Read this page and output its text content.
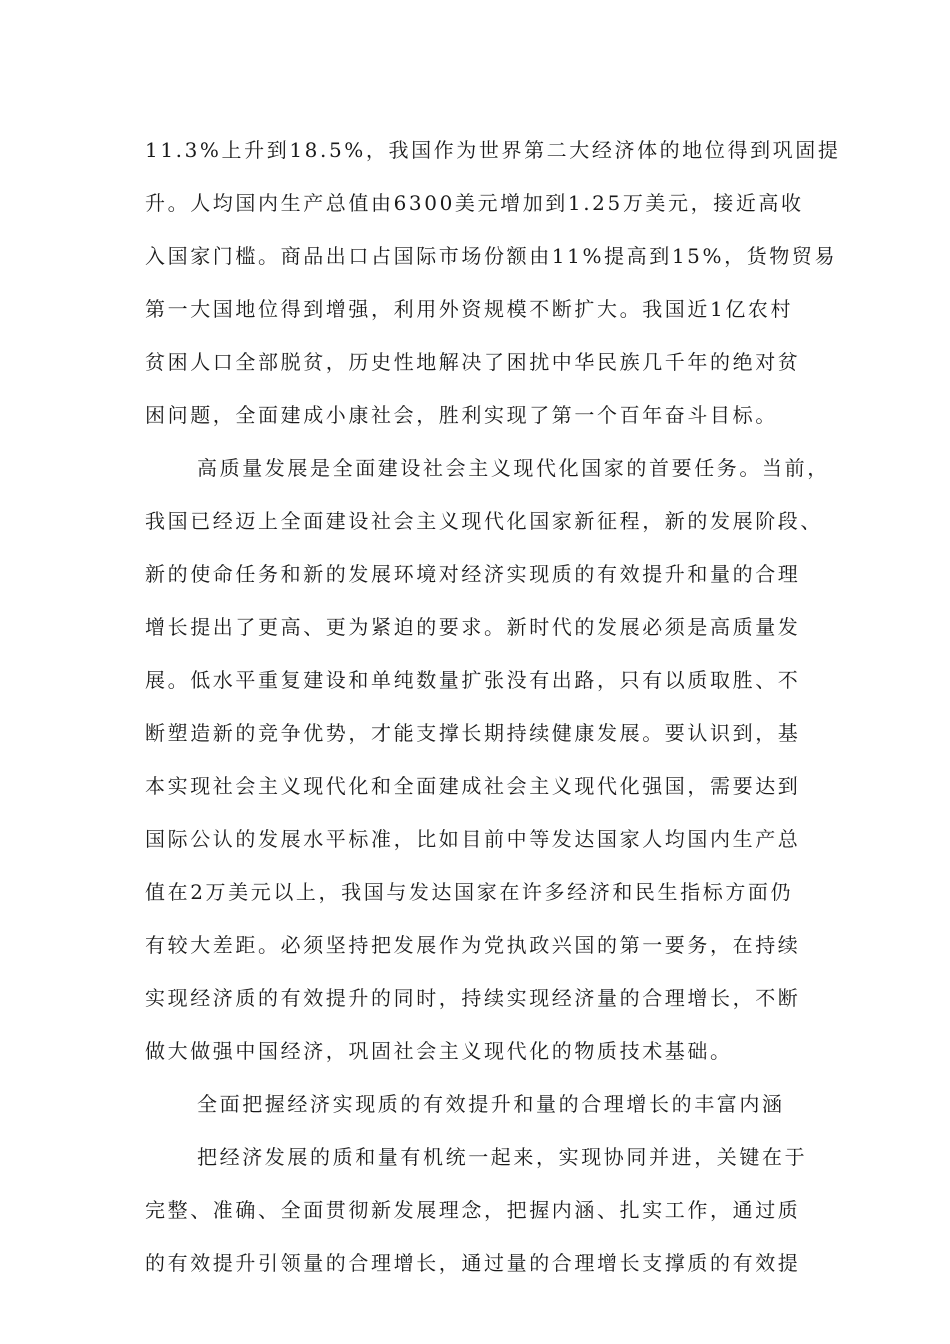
11.3%上升到18.5%，我国作为世界第二大经济体的地位得到巩固提
升。人均国内生产总值由6300美元增加到1.25万美元，接近高收
入国家门槛。商品出口占国际市场份额由11%提高到15%，货物贸易
第一大国地位得到增强，利用外资规模不断扩大。我国近1亿农村
贫困人口全部脱贫，历史性地解决了困扰中华民族几千年的绝对贫
困问题，全面建成小康社会，胜利实现了第一个百年奋斗目标。
高质量发展是全面建设社会主义现代化国家的首要任务。当前，
我国已经迈上全面建设社会主义现代化国家新征程，新的发展阶段、
新的使命任务和新的发展环境对经济实现质的有效提升和量的合理
增长提出了更高、更为紧迫的要求。新时代的发展必须是高质量发
展。低水平重复建设和单纯数量扩张没有出路，只有以质取胜、不
断塑造新的竞争优势，才能支撑长期持续健康发展。要认识到，基
本实现社会主义现代化和全面建成社会主义现代化强国，需要达到
国际公认的发展水平标准，比如目前中等发达国家人均国内生产总
值在2万美元以上，我国与发达国家在许多经济和民生指标方面仍
有较大差距。必须坚持把发展作为党执政兴国的第一要务，在持续
实现经济质的有效提升的同时，持续实现经济量的合理增长，不断
做大做强中国经济，巩固社会主义现代化的物质技术基础。
全面把握经济实现质的有效提升和量的合理增长的丰富内涵
把经济发展的质和量有机统一起来，实现协同并进，关键在于
完整、准确、全面贯彻新发展理念，把握内涵、扎实工作，通过质
的有效提升引领量的合理增长，通过量的合理增长支撑质的有效提
